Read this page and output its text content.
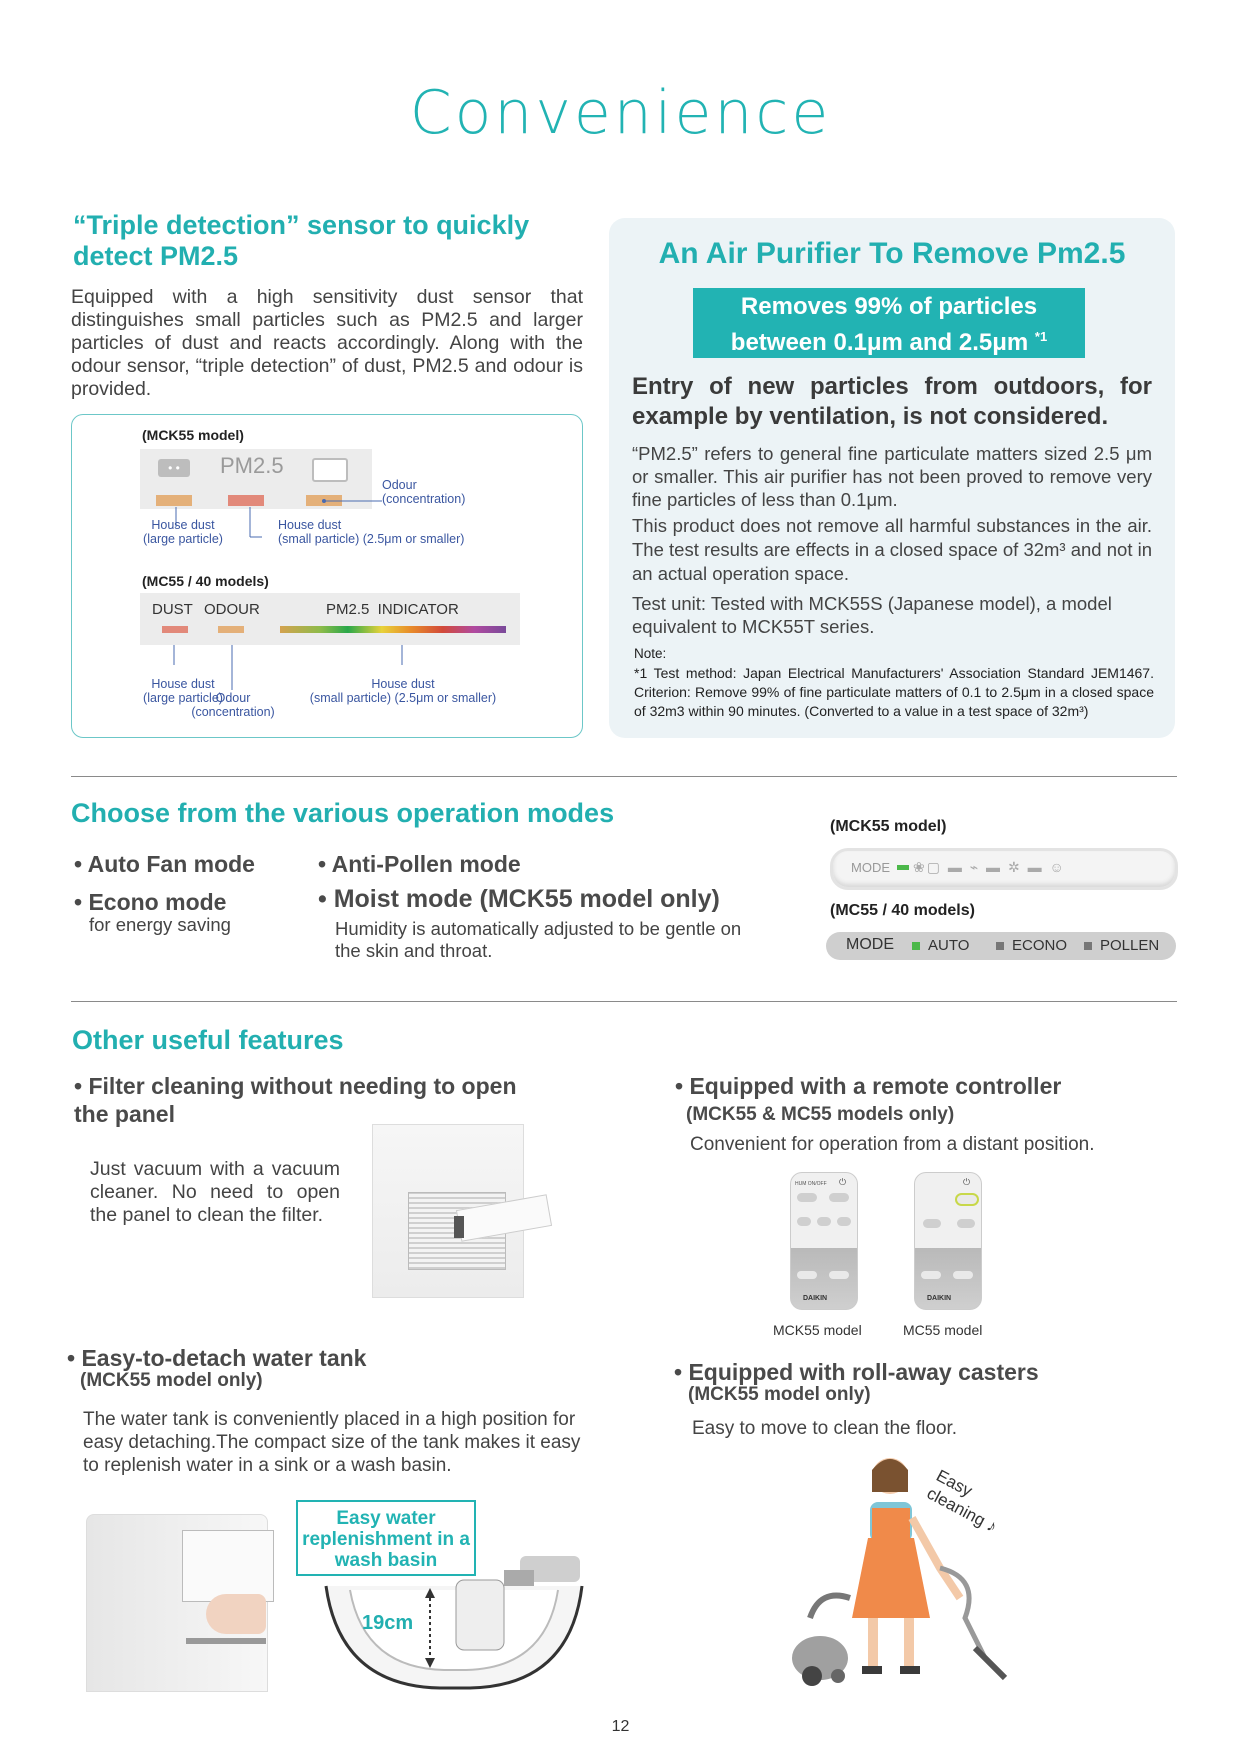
Convenience
“Triple detection” sensor to quickly detect PM2.5
Equipped with a high sensitivity dust sensor that distinguishes small particles such as PM2.5 and larger particles of dust and reacts accordingly. Along with the odour sensor, “triple detection” of dust, PM2.5 and odour is provided.
(MCK55 model)
• •	PM2.5
Odour
(concentration)
House dust
(large particle)
House dust
(small particle) (2.5μm or smaller)
(MC55 / 40 models)
DUST ODOUR	PM2.5  INDICATOR
House dust
(large particle)
Odour
(concentration)
House dust
(small particle) (2.5μm or smaller)
An Air Purifier To Remove Pm2.5
Removes 99% of particles
between 0.1μm and 2.5μm $^{*1}$
Entry of new particles from outdoors, for example by ventilation, is not considered.
“PM2.5” refers to general fine particulate matters sized 2.5 μm or smaller. This air purifier has not been proved to remove very fine particles of less than 0.1μm.
This product does not remove all harmful substances in the air. The test results are effects in a closed space of 32m³ and not in an actual operation space.
Test unit: Tested with MCK55S (Japanese model), a model equivalent to MCK55T series.
Note:
*1 Test method: Japan Electrical Manufacturers' Association Standard JEM1467. Criterion: Remove 99% of fine particulate matters of 0.1 to 2.5μm in a closed space of 32m3 within 90 minutes. (Converted to a value in a test space of 32m³)
Choose from the various operation modes
• Auto Fan mode
• Econo mode
for energy saving
• Anti-Pollen mode
• Moist mode (MCK55 model only)
Humidity is automatically adjusted to be gentle on the skin and throat.
(MCK55 model)
MODE ❀▢ ▬ ⌁ ▬ ✲ ▬ ☺
(MC55 / 40 models)
MODE AUTO	ECONO POLLEN
Other useful features
• Filter cleaning without needing to open the panel
Just vacuum with a vacuum cleaner. No need to open the panel to clean the filter.
• Equipped with a remote controller
(MCK55 & MC55 models only)
Convenient for operation from a distant position.
HUM ON/OFF ⏻
DAIKIN
⏻
DAIKIN
MCK55 model	MC55 model
• Easy-to-detach water tank
(MCK55 model only)
The water tank is conveniently placed in a high position for easy detaching.The compact size of the tank makes it easy to replenish water in a sink or a wash basin.
Easy water replenishment in a wash basin
19cm
• Equipped with roll-away casters
(MCK55 model only)
Easy to move to clean the floor.
Easy cleaning ♪
12
